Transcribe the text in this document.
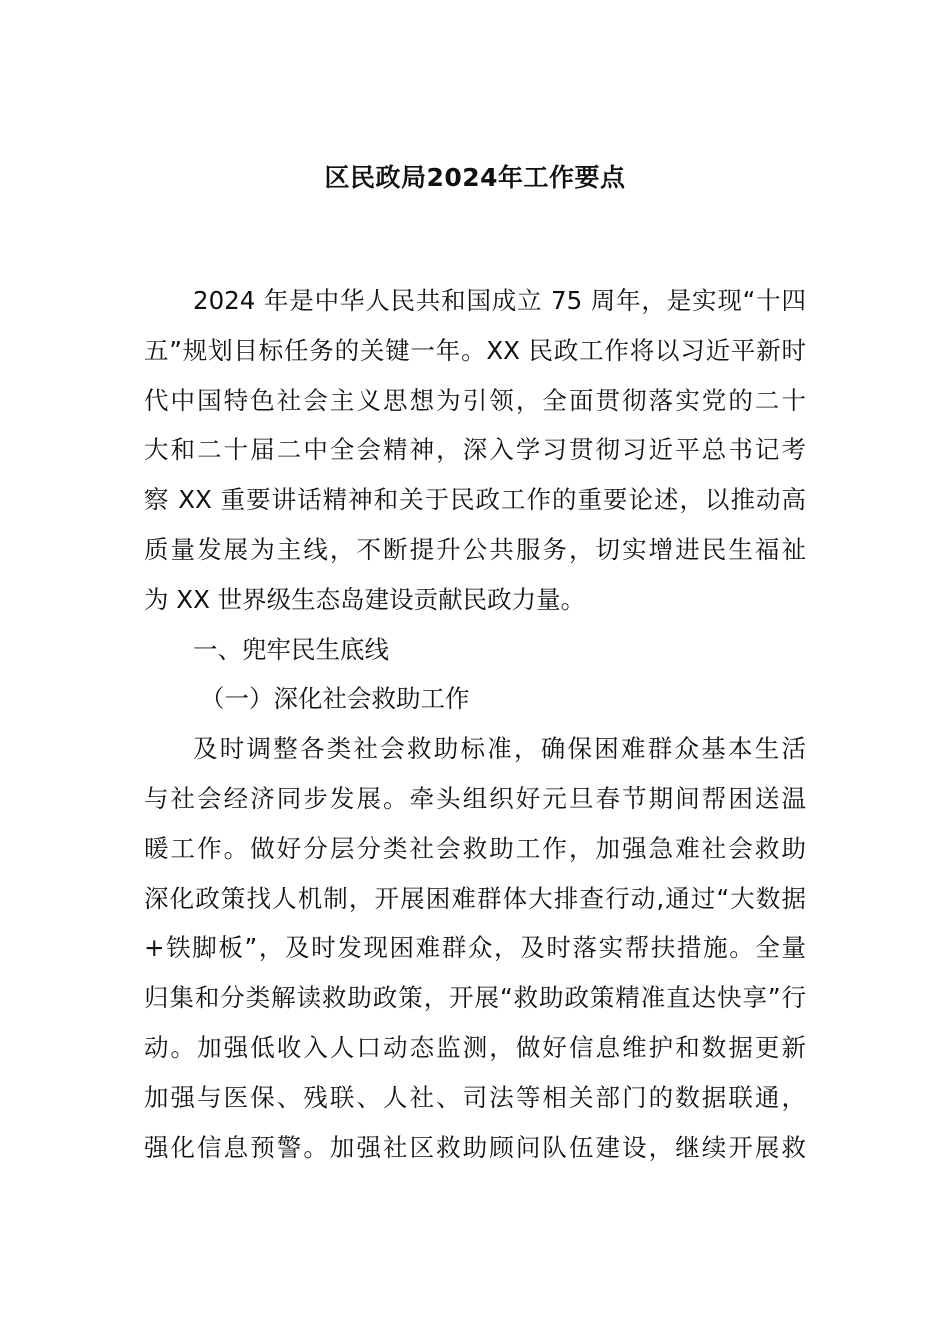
区民政局2024年工作要点
2024 年是中华人民共和国成立 75 周年，是实现“十四
五”规划目标任务的关键一年。XX 民政工作将以习近平新时
代中国特色社会主义思想为引领，全面贯彻落实党的二十
大和二十届二中全会精神，深入学习贯彻习近平总书记考
察 XX 重要讲话精神和关于民政工作的重要论述，以推动高
质量发展为主线，不断提升公共服务，切实增进民生福祉
为 XX 世界级生态岛建设贡献民政力量。
一、兜牢民生底线
（一）深化社会救助工作
及时调整各类社会救助标准，确保困难群众基本生活
与社会经济同步发展。牵头组织好元旦春节期间帮困送温
暖工作。做好分层分类社会救助工作，加强急难社会救助
深化政策找人机制，开展困难群体大排查行动,通过“大数据
+铁脚板”，及时发现困难群众，及时落实帮扶措施。全量
归集和分类解读救助政策，开展“救助政策精准直达快享”行
动。加强低收入人口动态监测，做好信息维护和数据更新
加强与医保、残联、人社、司法等相关部门的数据联通，
强化信息预警。加强社区救助顾问队伍建设，继续开展救
